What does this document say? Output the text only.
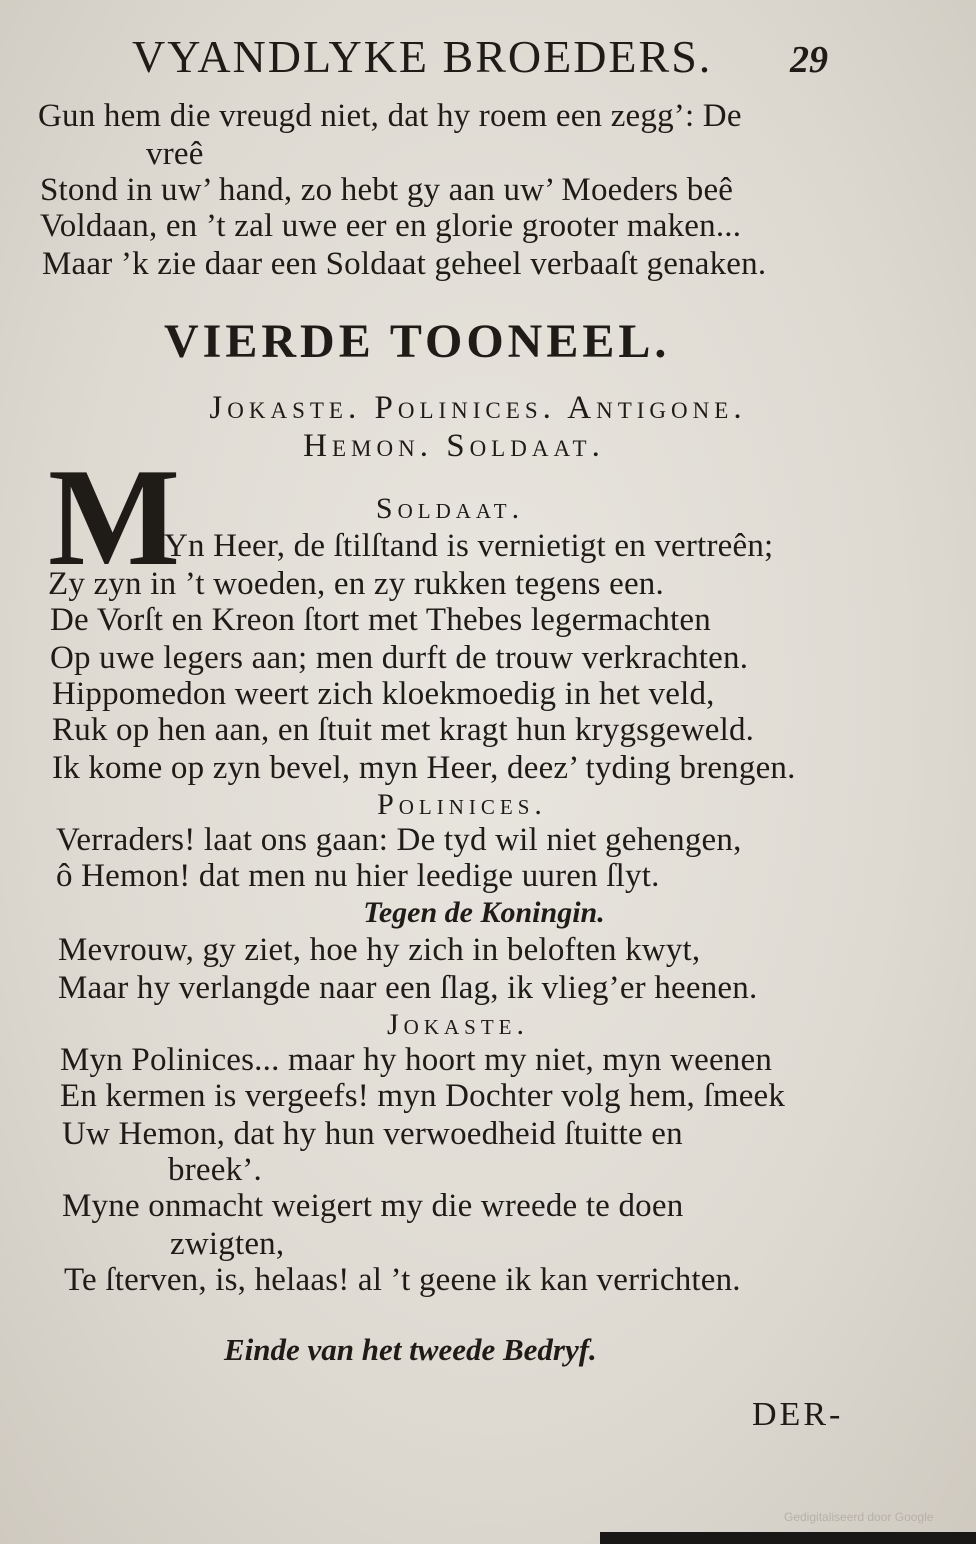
VYANDLYKE BROEDERS. 29
Gun hem die vreugd niet, dat hy roem een zegg’: De
vreê
Stond in uw’ hand, zo hebt gy aan uw’ Moeders beê
Voldaan, en ’t zal uwe eer en glorie grooter maken...
Maar ’k zie daar een Soldaat geheel verbaaſt genaken.
VIERDE TOONEEL.
Jokaste. Polinices. Antigone.
Hemon. Soldaat.
M	Soldaat.
Yn Heer, de ſtilſtand is vernietigt en vertreên;
Zy zyn in ’t woeden, en zy rukken tegens een.
De Vorſt en Kreon ſtort met Thebes legermachten
Op uwe legers aan; men durft de trouw verkrachten.
Hippomedon weert zich kloekmoedig in het veld,
Ruk op hen aan, en ſtuit met kragt hun krygsgeweld.
Ik kome op zyn bevel, myn Heer, deez’ tyding brengen.
Polinices.
Verraders! laat ons gaan: De tyd wil niet gehengen,
ô Hemon! dat men nu hier leedige uuren ſlyt.
Tegen de Koningin.
Mevrouw, gy ziet, hoe hy zich in beloften kwyt,
Maar hy verlangde naar een ſlag, ik vlieg’er heenen.
Jokaste.
Myn Polinices... maar hy hoort my niet, myn weenen
En kermen is vergeefs! myn Dochter volg hem, ſmeek
Uw Hemon, dat hy hun verwoedheid ſtuitte en
breek’.
Myne onmacht weigert my die wreede te doen
zwigten,
Te ſterven, is, helaas! al ’t geene ik kan verrichten.
Einde van het tweede Bedryf.
DER-
Gedigitaliseerd door Google
